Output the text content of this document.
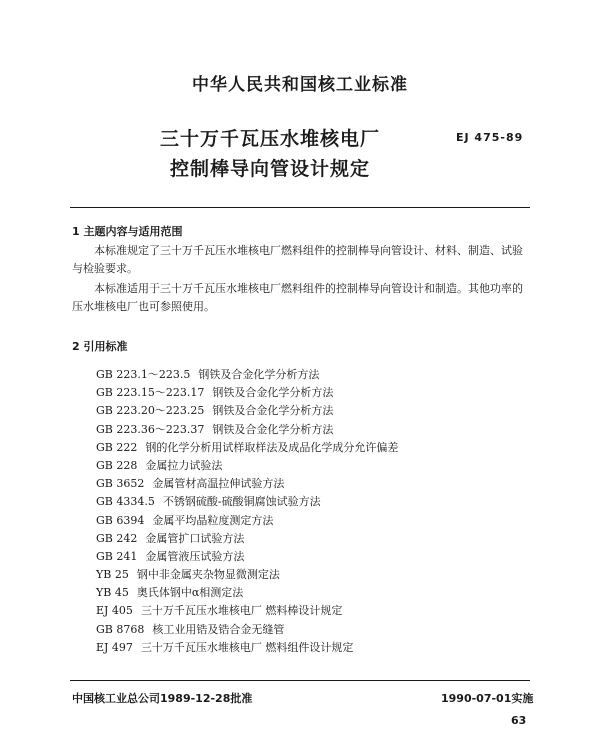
中华人民共和国核工业标准
三十万千瓦压水堆核电厂
控制棒导向管设计规定
EJ 475-89
1 主题内容与适用范围
本标准规定了三十万千瓦压水堆核电厂燃料组件的控制棒导向管设计、材料、制造、试验与检验要求。
本标准适用于三十万千瓦压水堆核电厂燃料组件的控制棒导向管设计和制造。其他功率的压水堆核电厂也可参照使用。
2 引用标准
GB 223.1～223.5 钢铁及合金化学分析方法
GB 223.15～223.17 钢铁及合金化学分析方法
GB 223.20～223.25 钢铁及合金化学分析方法
GB 223.36～223.37 钢铁及合金化学分析方法
GB 222 钢的化学分析用试样取样法及成品化学成分允许偏差
GB 228 金属拉力试验法
GB 3652 金属管材高温拉伸试验方法
GB 4334.5 不锈钢硫酸-硫酸铜腐蚀试验方法
GB 6394 金属平均晶粒度测定方法
GB 242 金属管扩口试验方法
GB 241 金属管液压试验方法
YB 25 钢中非金属夹杂物显微测定法
YB 45 奥氏体钢中α相测定法
EJ 405 三十万千瓦压水堆核电厂 燃料棒设计规定
GB 8768 核工业用锆及锆合金无缝管
EJ 497 三十万千瓦压水堆核电厂 燃料组件设计规定
中国核工业总公司1989-12-28批准	1990-07-01实施
63
